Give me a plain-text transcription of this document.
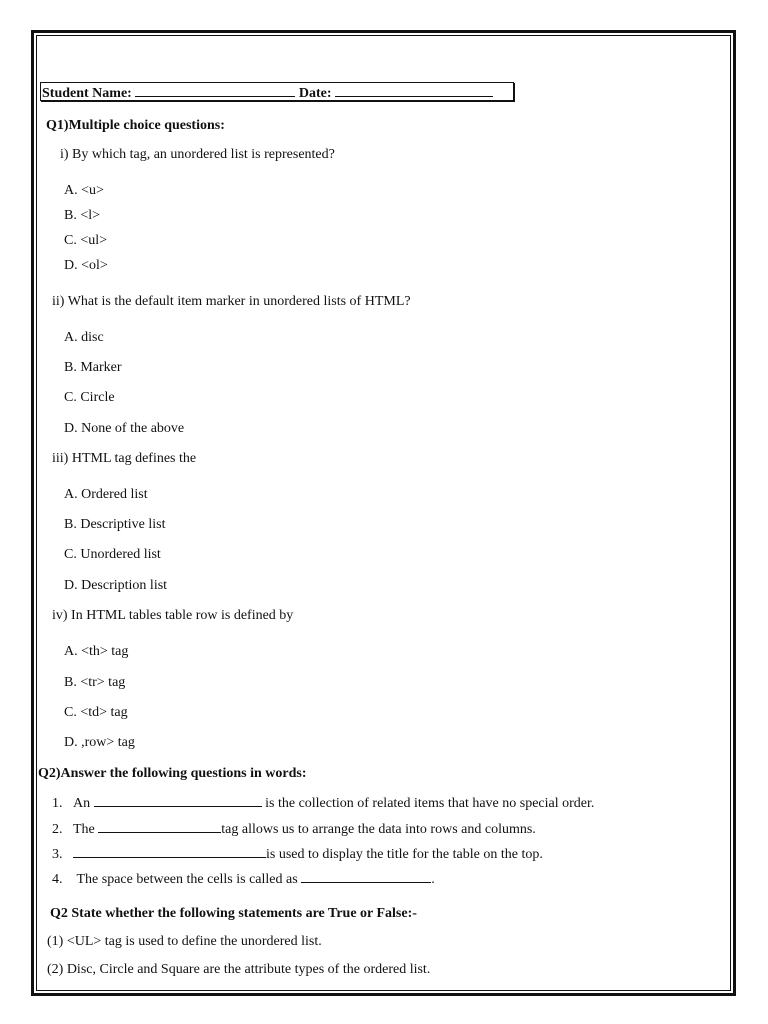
Student Name:	Date:
Q1)Multiple choice questions:
i) By which tag, an unordered list is represented?
A. <u>
B. <l>
C. <ul>
D. <ol>
ii) What is the default item marker in unordered lists of HTML?
A. disc
B. Marker
C. Circle
D. None of the above
iii) HTML tag defines the
A. Ordered list
B. Descriptive list
C. Unordered list
D. Description list
iv) In HTML tables table row is defined by
A. <th> tag
B. <tr> tag
C. <td> tag
D. ,row> tag
Q2)Answer the following questions in words:
1. An	is the collection of related items that have no special order.
2. The	tag allows us to arrange the data into rows and columns.
3.	is used to display the title for the table on the top.
4. The space between the cells is called as	.
Q2 State whether the following statements are True or False:-
(1) <UL> tag is used to define the unordered list.
(2) Disc, Circle and Square are the attribute types of the ordered list.
